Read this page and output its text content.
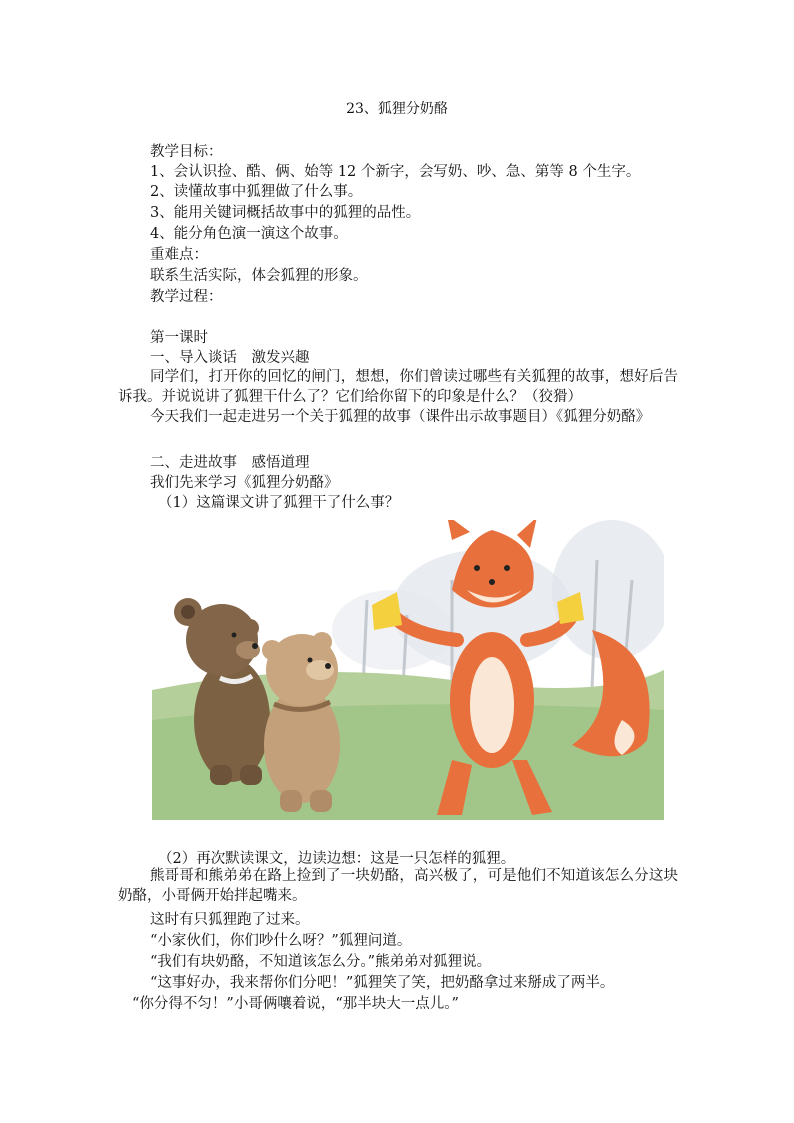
23、狐狸分奶酪
教学目标：
1、会认识捡、酷、俩、始等 12 个新字，会写奶、吵、急、第等 8 个生字。
2、读懂故事中狐狸做了什么事。
3、能用关键词概括故事中的狐狸的品性。
4、能分角色演一演这个故事。
重难点：
联系生活实际，体会狐狸的形象。
教学过程：
第一课时
一、导入谈话　激发兴趣
同学们，打开你的回忆的闸门，想想，你们曾读过哪些有关狐狸的故事，想好后告诉我。并说说讲了狐狸干什么了？它们给你留下的印象是什么？（狡猾）
今天我们一起走进另一个关于狐狸的故事（课件出示故事题目）《狐狸分奶酪》
二、走进故事　感悟道理
我们先来学习《狐狸分奶酪》
（1）这篇课文讲了狐狸干了什么事？
（2）再次默读课文，边读边想：这是一只怎样的狐狸。
熊哥哥和熊弟弟在路上捡到了一块奶酪，高兴极了，可是他们不知道该怎么分这块奶酪，小哥俩开始拌起嘴来。
这时有只狐狸跑了过来。
“小家伙们，你们吵什么呀？”狐狸问道。
“我们有块奶酪，不知道该怎么分。”熊弟弟对狐狸说。
“这事好办，我来帮你们分吧！”狐狸笑了笑，把奶酪拿过来掰成了两半。
“你分得不匀！”小哥俩嚷着说，“那半块大一点儿。”
